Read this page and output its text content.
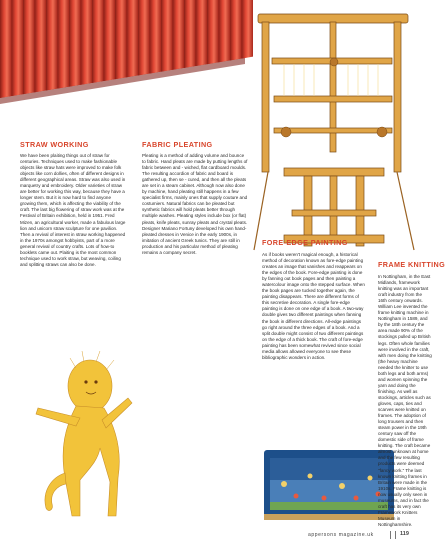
STRAW WORKING

We have been plaiting things out of straw for centuries. Techniques used to make fashionable objects like straw hats were improved to make folk objects like corn dollies, often of different designs in different geographical areas. Straw was also used in marquetry and embroidery. Older varieties of straw are better for working this way, because they have a longer stem. But it is now hard to find anyone growing them, which is affecting the viability of the craft. The last big flowering of straw work was at the Festival of Britain exhibition, held in 1951. Fred Mizen, an agricultural worker, made a fabulous large lion and unicorn straw sculpture for one pavilion. Then a revival of interest in straw working happened in the 1970s amongst hobbyists, part of a more general revival of country crafts. Lots of how-to booklets came out. Plaiting is the most common technique used to work straw, but weaving, coiling and splitting straws can also be done.

FABRIC PLEATING

Pleating is a method of adding volume and bounce to fabric. Hand pleats are made by putting lengths of fabric between and - wiched, flat cardboard moulds. The resulting accordion of fabric and board is gathered up, then se - cured, and then all the pleats are set in a steam cabinet. Although now also done by machine, hand pleating still happens in a few specialist firms, mainly ones that supply couture and costumiers. Natural fabrics can be pleated but synthetic fabrics will hold pleats better through multiple washes. Pleating styles include box (or flat) pleats, knife pleats, sunray pleats and crystal pleats. Designer Mariano Fortuny developed his own hand-pleated dresses in Venice in the early 1900s, in imitation of ancient Greek tunics. They are still in production and his particular method of pleating remains a company secret.

FORE-EDGE PAINTING

As if books weren't magical enough, a historical method of decoration known as fore-edge painting creates an image that vanishes and reappears on the edges of the book. Fore-edge painting is done by fanning out book pages and then painting a watercolour image onto the stepped surface. When the book pages are tucked together again, the painting disappears. There are different forms of this secretive decoration. A single fore-edge painting is done on one edge of a book. A two-way double gives two different paintings when fanning the book in different directions. All-edge paintings go right around the three edges of a book. And a split double might consist of two different paintings on the edge of a thick book. The craft of fore-edge painting has been somewhat revived since social media allows allowed everyone to see these bibliographic wonders in action.

FRAME KNITTING

In Nottingham, in the East Midlands, framework knitting was an important craft industry from the 16th century onwards. William Lee invented the frame knitting machine in Nottingham in 1589, and by the 18th century the area made 90% of the stockings pulled up British legs. Often whole families were involved in the craft, with men doing the knitting (the heavy machine needed the knitter to use both legs and both arms) and women spinning the yarn and doing the finishing. As well as stockings, articles such as gloves, caps, ties and scarves were knitted on frames. The adoption of long trousers and then steam power in the 19th century saw off the domestic side of frame knitting. The craft became almost unknown at home and the few resulting products were deemed "fancy work." The last known knitting frames in Britain were made in the 1910s. Frame knitting is now usually only seen in museums, and in fact the craft has its very own Framework Knitters Museum in Nottinghamshire.

appersons magazine.uk	119
